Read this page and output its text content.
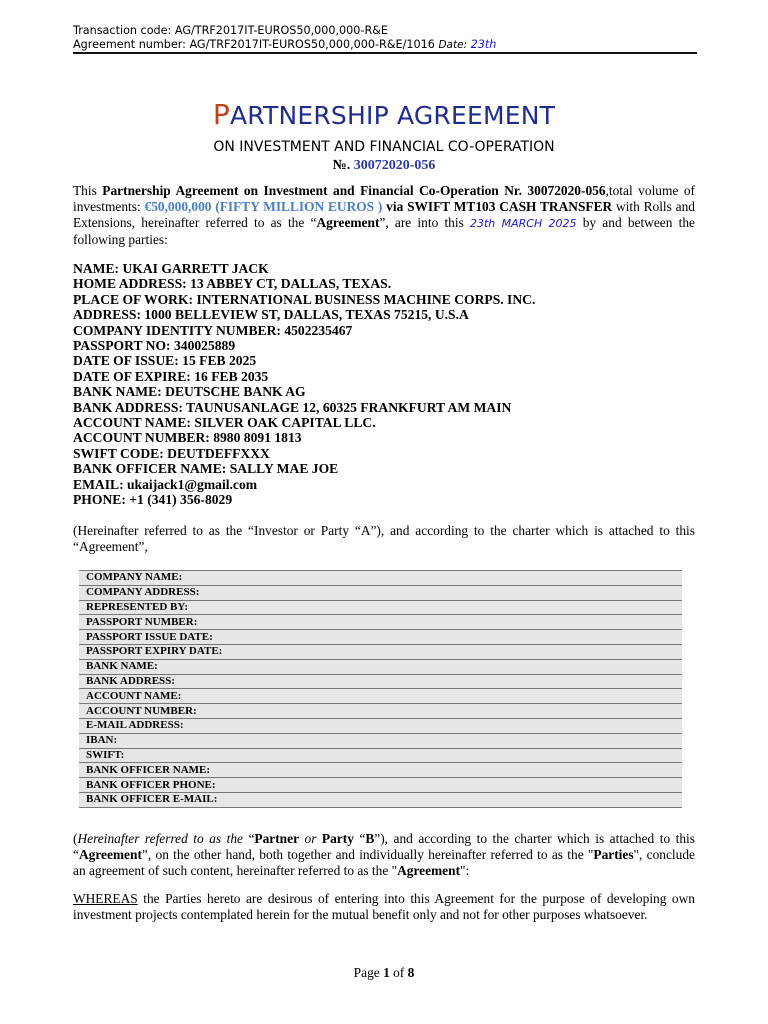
Transaction code: AG/TRF2017IT-EUROS50,000,000-R&E
Agreement number: AG/TRF2017IT-EUROS50,000,000-R&E/1016 Date: 23th
PARTNERSHIP AGREEMENT
ON INVESTMENT AND FINANCIAL CO-OPERATION
№. 30072020-056
This Partnership Agreement on Investment and Financial Co-Operation Nr. 30072020-056,total volume of investments: €50,000,000 (FIFTY MILLION EUROS ) via SWIFT MT103 CASH TRANSFER with Rolls and Extensions, hereinafter referred to as the “Agreement”, are into this 23th MARCH 2025 by and between the following parties:
NAME: UKAI GARRETT JACK
HOME ADDRESS: 13 ABBEY CT, DALLAS, TEXAS.
PLACE OF WORK: INTERNATIONAL BUSINESS MACHINE CORPS. INC.
ADDRESS: 1000 BELLEVIEW ST, DALLAS, TEXAS 75215, U.S.A
COMPANY IDENTITY NUMBER: 4502235467
PASSPORT NO: 340025889
DATE OF ISSUE: 15 FEB 2025
DATE OF EXPIRE: 16 FEB 2035
BANK NAME: DEUTSCHE BANK AG
BANK ADDRESS: TAUNUSANLAGE 12, 60325 FRANKFURT AM MAIN
ACCOUNT NAME: SILVER OAK CAPITAL LLC.
ACCOUNT NUMBER: 8980 8091 1813
SWIFT CODE: DEUTDEFFXXX
BANK OFFICER NAME: SALLY MAE JOE
EMAIL: ukaijack1@gmail.com
PHONE: +1 (341) 356-8029
(Hereinafter referred to as the “Investor or Party “A”), and according to the charter which is attached to this “Agreement”,
COMPANY NAME:
COMPANY ADDRESS:
REPRESENTED BY:
PASSPORT NUMBER:
PASSPORT ISSUE DATE:
PASSPORT EXPIRY DATE:
BANK NAME:
BANK ADDRESS:
ACCOUNT NAME:
ACCOUNT NUMBER:
E-MAIL ADDRESS:
IBAN:
SWIFT:
BANK OFFICER NAME:
BANK OFFICER PHONE:
BANK OFFICER E-MAIL:
(Hereinafter referred to as the “Partner or Party “B”), and according to the charter which is attached to this “Agreement”, on the other hand, both together and individually hereinafter referred to as the "Parties", conclude an agreement of such content, hereinafter referred to as the "Agreement":
WHEREAS the Parties hereto are desirous of entering into this Agreement for the purpose of developing own investment projects contemplated herein for the mutual benefit only and not for other purposes whatsoever.
Page 1 of 8
